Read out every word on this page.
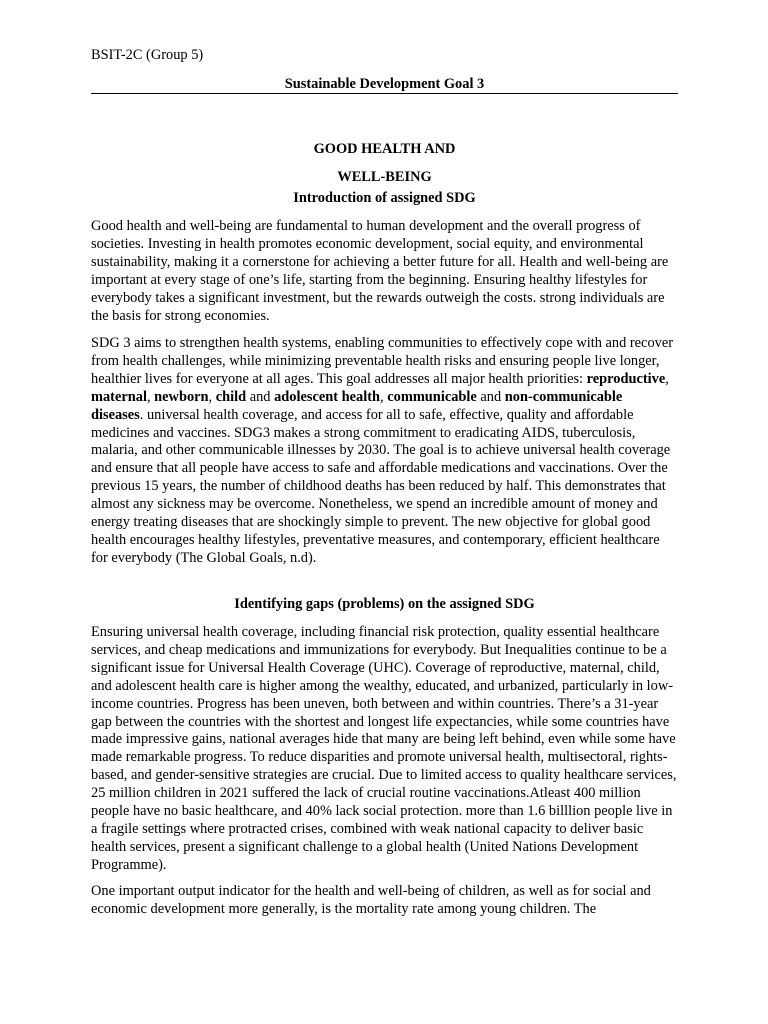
BSIT-2C (Group 5)
Sustainable Development Goal 3
GOOD HEALTH AND
WELL-BEING
Introduction of assigned SDG

Good health and well-being are fundamental to human development and the overall progress of societies. Investing in health promotes economic development, social equity, and environmental sustainability, making it a cornerstone for achieving a better future for all. Health and well-being are important at every stage of one’s life, starting from the beginning. Ensuring healthy lifestyles for everybody takes a significant investment, but the rewards outweigh the costs. strong individuals are the basis for strong economies.

SDG 3 aims to strengthen health systems, enabling communities to effectively cope with and recover from health challenges, while minimizing preventable health risks and ensuring people live longer, healthier lives for everyone at all ages. This goal addresses all major health priorities: reproductive, maternal, newborn, child and adolescent health, communicable and non-communicable diseases. universal health coverage, and access for all to safe, effective, quality and affordable medicines and vaccines. SDG3 makes a strong commitment to eradicating AIDS, tuberculosis, malaria, and other communicable illnesses by 2030. The goal is to achieve universal health coverage and ensure that all people have access to safe and affordable medications and vaccinations. Over the previous 15 years, the number of childhood deaths has been reduced by half. This demonstrates that almost any sickness may be overcome. Nonetheless, we spend an incredible amount of money and energy treating diseases that are shockingly simple to prevent. The new objective for global good health encourages healthy lifestyles, preventative measures, and contemporary, efficient healthcare for everybody (The Global Goals, n.d).

Identifying gaps (problems) on the assigned SDG

Ensuring universal health coverage, including financial risk protection, quality essential healthcare services, and cheap medications and immunizations for everybody. But Inequalities continue to be a significant issue for Universal Health Coverage (UHC). Coverage of reproductive, maternal, child, and adolescent health care is higher among the wealthy, educated, and urbanized, particularly in low-income countries. Progress has been uneven, both between and within countries. There’s a 31-year gap between the countries with the shortest and longest life expectancies, while some countries have made impressive gains, national averages hide that many are being left behind, even while some have made remarkable progress. To reduce disparities and promote universal health, multisectoral, rights-based, and gender-sensitive strategies are crucial. Due to limited access to quality healthcare services, 25 million children in 2021 suffered the lack of crucial routine vaccinations.Atleast 400 million people have no basic healthcare, and 40% lack social protection. more than 1.6 billlion people live in a fragile settings where protracted crises, combined with weak national capacity to deliver basic health services, present a significant challenge to a global health (United Nations Development Programme).

One important output indicator for the health and well-being of children, as well as for social and economic development more generally, is the mortality rate among young children. The
